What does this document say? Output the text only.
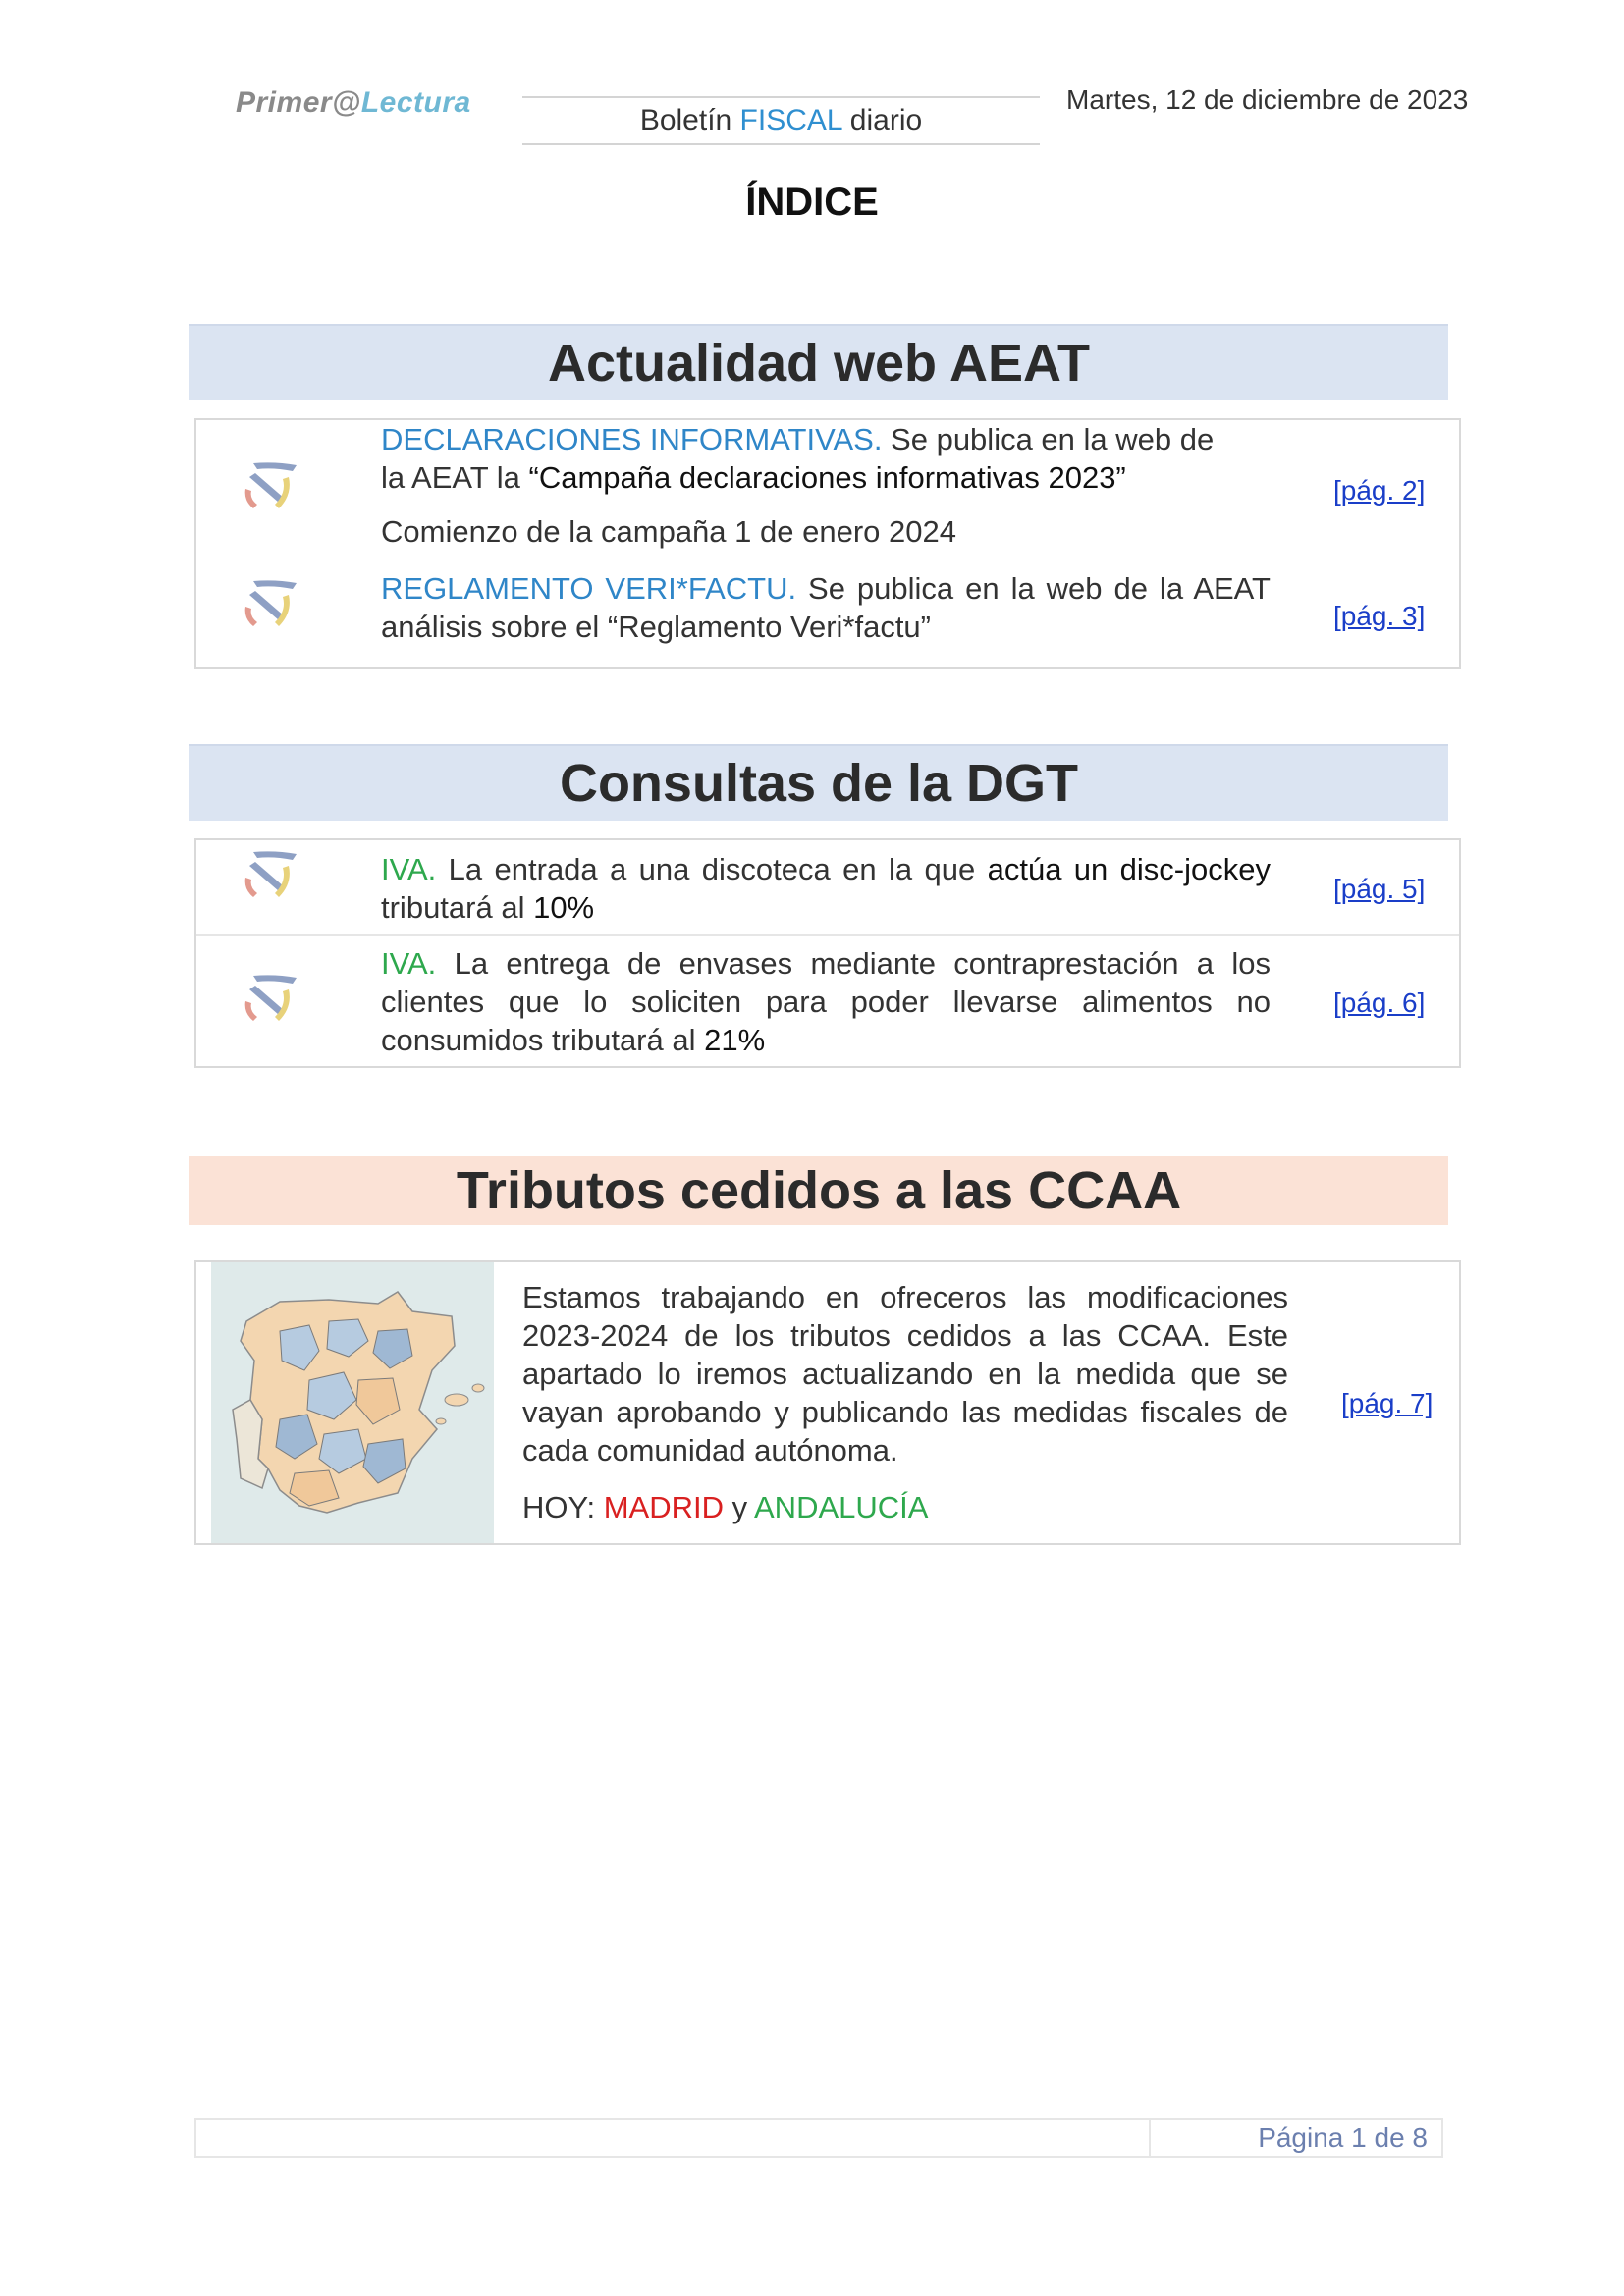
Primer@Lectura
Boletín FISCAL diario
Martes, 12 de diciembre de 2023
ÍNDICE
Actualidad web AEAT
DECLARACIONES INFORMATIVAS. Se publica en la web de la AEAT la “Campaña declaraciones informativas 2023”
Comienzo de la campaña 1 de enero 2024
[pág. 2]
REGLAMENTO VERI*FACTU. Se publica en la web de la AEAT análisis sobre el “Reglamento Veri*factu”	[pág. 3]
Consultas de la DGT
IVA. La entrada a una discoteca en la que actúa un disc-jockey tributará al 10%
[pág. 5]
IVA. La entrega de envases mediante contraprestación a los clientes que lo soliciten para poder llevarse alimentos no consumidos tributará al 21%
[pág. 6]
Tributos cedidos a las CCAA
Estamos trabajando en ofreceros las modificaciones 2023-2024 de los tributos cedidos a las CCAA. Este apartado lo iremos actualizando en la medida que se vayan aprobando y publicando las medidas fiscales de cada comunidad autónoma.
HOY: MADRID y ANDALUCÍA
[pág. 7]
Página 1 de 8
